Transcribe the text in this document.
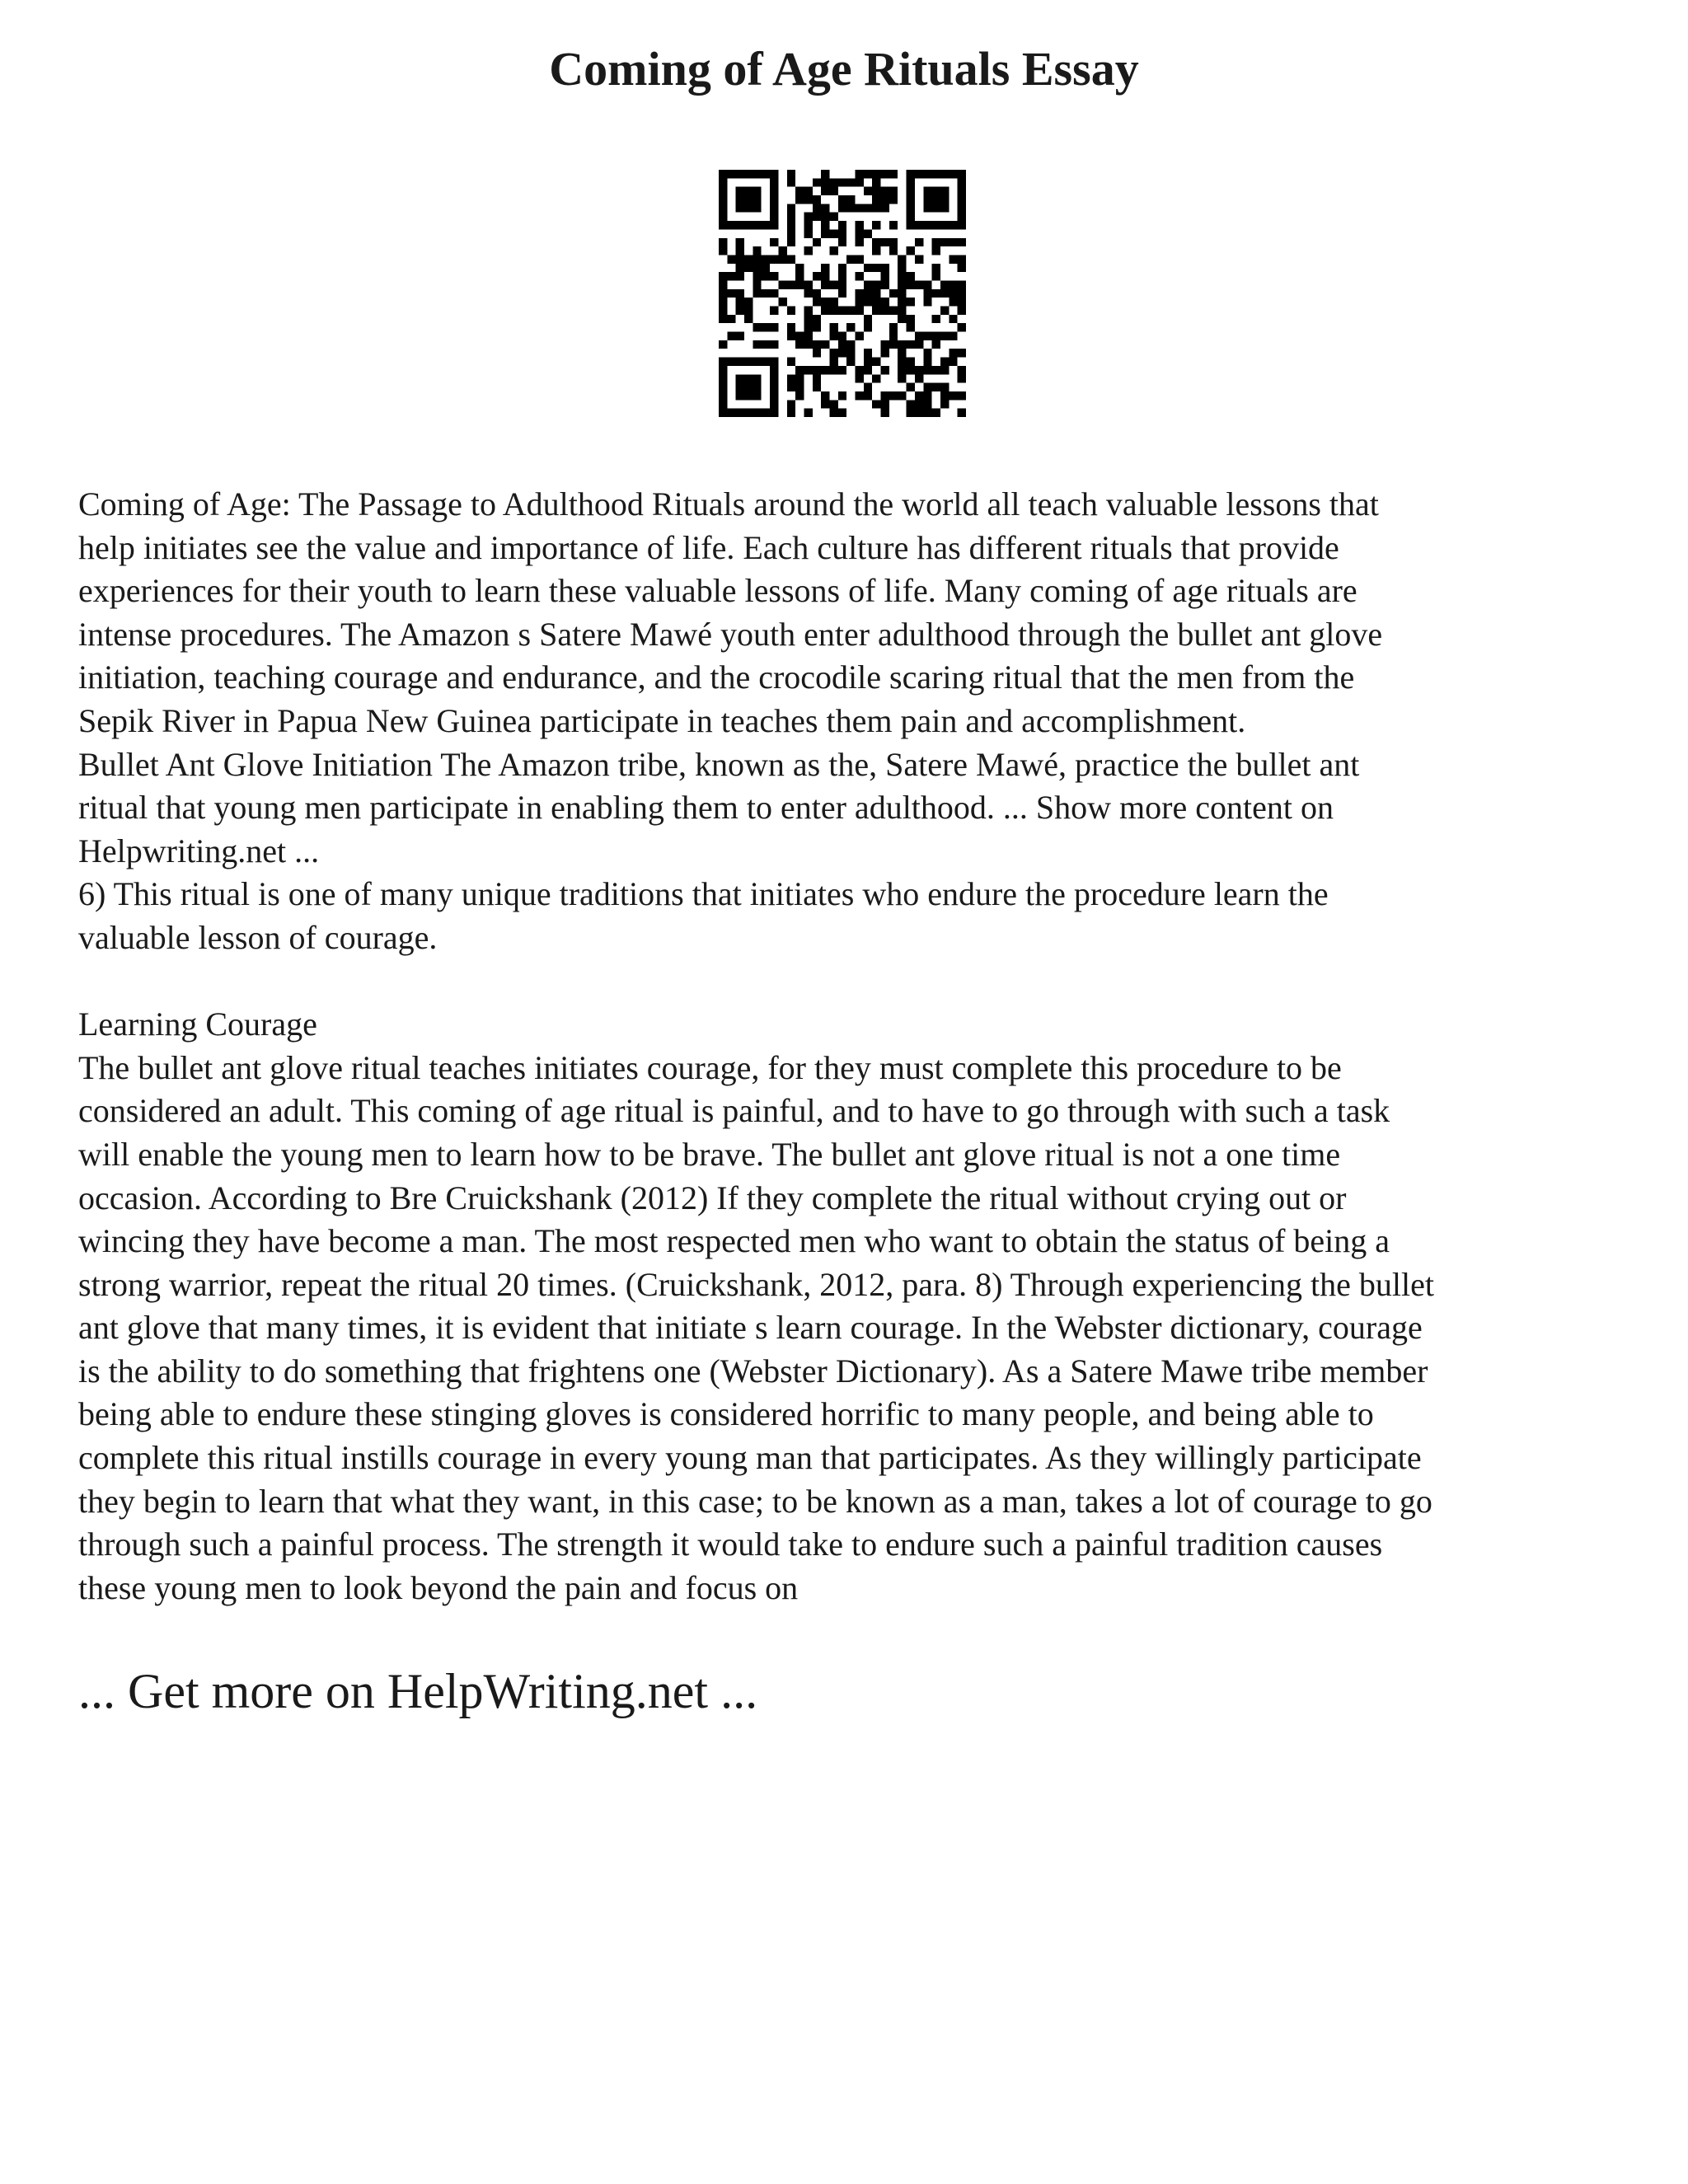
Coming of Age Rituals Essay

Coming of Age: The Passage to Adulthood Rituals around the world all teach valuable lessons that

help initiates see the value and importance of life. Each culture has different rituals that provide

experiences for their youth to learn these valuable lessons of life. Many coming of age rituals are

intense procedures. The Amazon s Satere Mawé youth enter adulthood through the bullet ant glove

initiation, teaching courage and endurance, and the crocodile scaring ritual that the men from the

Sepik River in Papua New Guinea participate in teaches them pain and accomplishment.

Bullet Ant Glove Initiation The Amazon tribe, known as the, Satere Mawé, practice the bullet ant

ritual that young men participate in enabling them to enter adulthood. ... Show more content on

Helpwriting.net ...

6) This ritual is one of many unique traditions that initiates who endure the procedure learn the

valuable lesson of courage.

Learning Courage

The bullet ant glove ritual teaches initiates courage, for they must complete this procedure to be

considered an adult. This coming of age ritual is painful, and to have to go through with such a task

will enable the young men to learn how to be brave. The bullet ant glove ritual is not a one time

occasion. According to Bre Cruickshank (2012) If they complete the ritual without crying out or

wincing they have become a man. The most respected men who want to obtain the status of being a

strong warrior, repeat the ritual 20 times. (Cruickshank, 2012, para. 8) Through experiencing the bullet

ant glove that many times, it is evident that initiate s learn courage. In the Webster dictionary, courage

is the ability to do something that frightens one (Webster Dictionary). As a Satere Mawe tribe member

being able to endure these stinging gloves is considered horrific to many people, and being able to

complete this ritual instills courage in every young man that participates. As they willingly participate

they begin to learn that what they want, in this case; to be known as a man, takes a lot of courage to go

through such a painful process. The strength it would take to endure such a painful tradition causes

these young men to look beyond the pain and focus on

... Get more on HelpWriting.net ...
